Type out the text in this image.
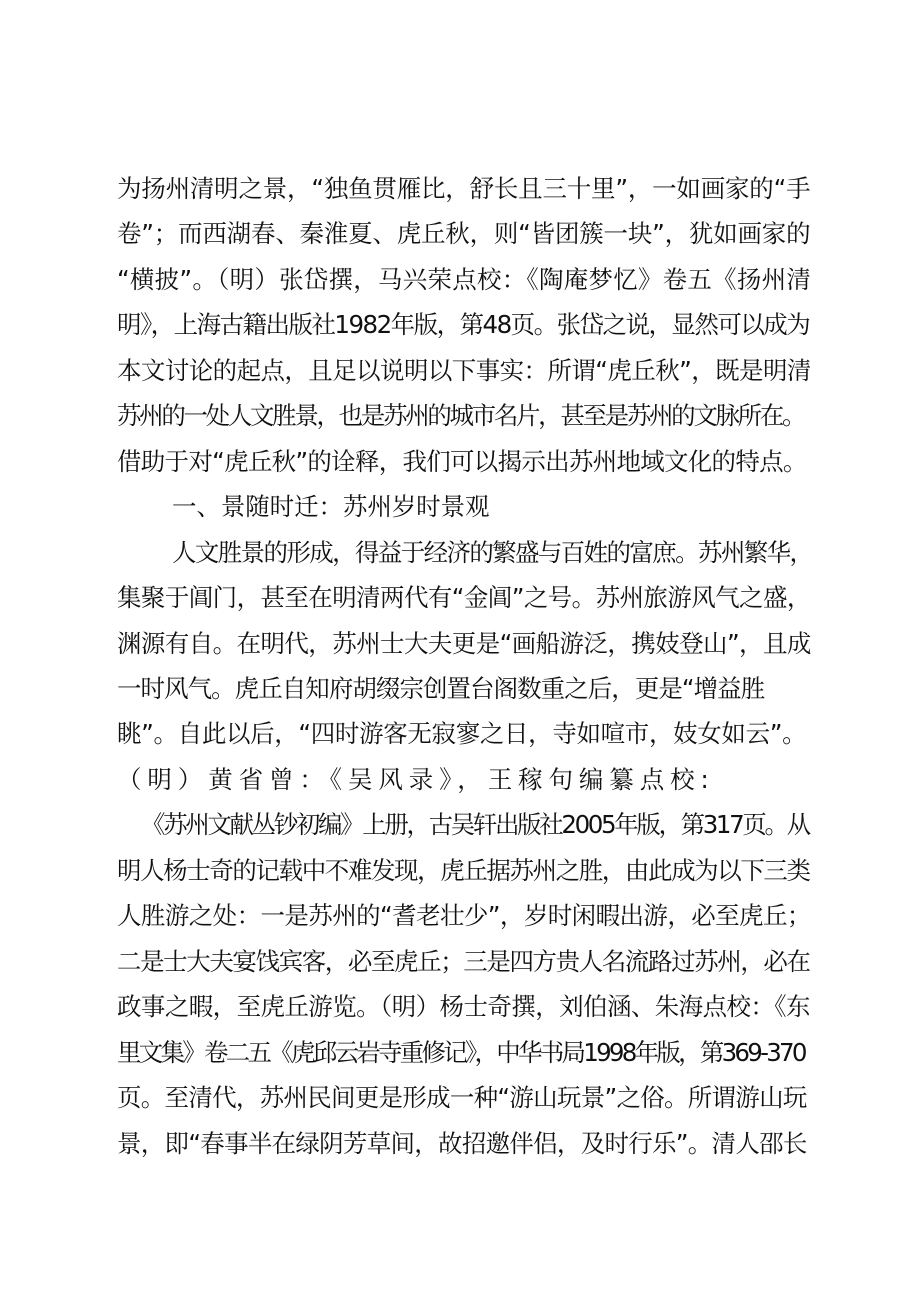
为扬州清明之景，“独鱼贯雁比，舒长且三十里”，一如画家的“手
卷”；而西湖春、秦淮夏、虎丘秋，则“皆团簇一块”，犹如画家的
“横披”。（明）张岱撰，马兴荣点校：《陶庵梦忆》卷五《扬州清
明》，上海古籍出版社1982年版，第48页。张岱之说，显然可以成为
本文讨论的起点，且足以说明以下事实：所谓“虎丘秋”，既是明清
苏州的一处人文胜景，也是苏州的城市名片，甚至是苏州的文脉所在。
借助于对“虎丘秋”的诠释，我们可以揭示出苏州地域文化的特点。
一、景随时迁：苏州岁时景观
人文胜景的形成，得益于经济的繁盛与百姓的富庶。苏州繁华，
集聚于阊门，甚至在明清两代有“金阊”之号。苏州旅游风气之盛，
渊源有自。在明代，苏州士大夫更是“画船游泛，携妓登山”，且成
一时风气。虎丘自知府胡缀宗创置台阁数重之后，更是“增益胜
眺”。自此以后，“四时游客无寂寥之日，寺如喧市，妓女如云”。
（明）黄省曾：《吴风录》，王稼句编纂点校:
《苏州文献丛钞初编》上册，古吴轩出版社2005年版，第317页。从
明人杨士奇的记载中不难发现，虎丘据苏州之胜，由此成为以下三类
人胜游之处：一是苏州的“耆老壮少”，岁时闲暇出游，必至虎丘；
二是士大夫宴饯宾客，必至虎丘；三是四方贵人名流路过苏州，必在
政事之暇，至虎丘游览。（明）杨士奇撰，刘伯涵、朱海点校：《东
里文集》卷二五《虎邱云岩寺重修记》，中华书局1998年版，第369-370
页。至清代，苏州民间更是形成一种“游山玩景”之俗。所谓游山玩
景，即“春事半在绿阴芳草间，故招邀伴侣，及时行乐”。清人邵长
